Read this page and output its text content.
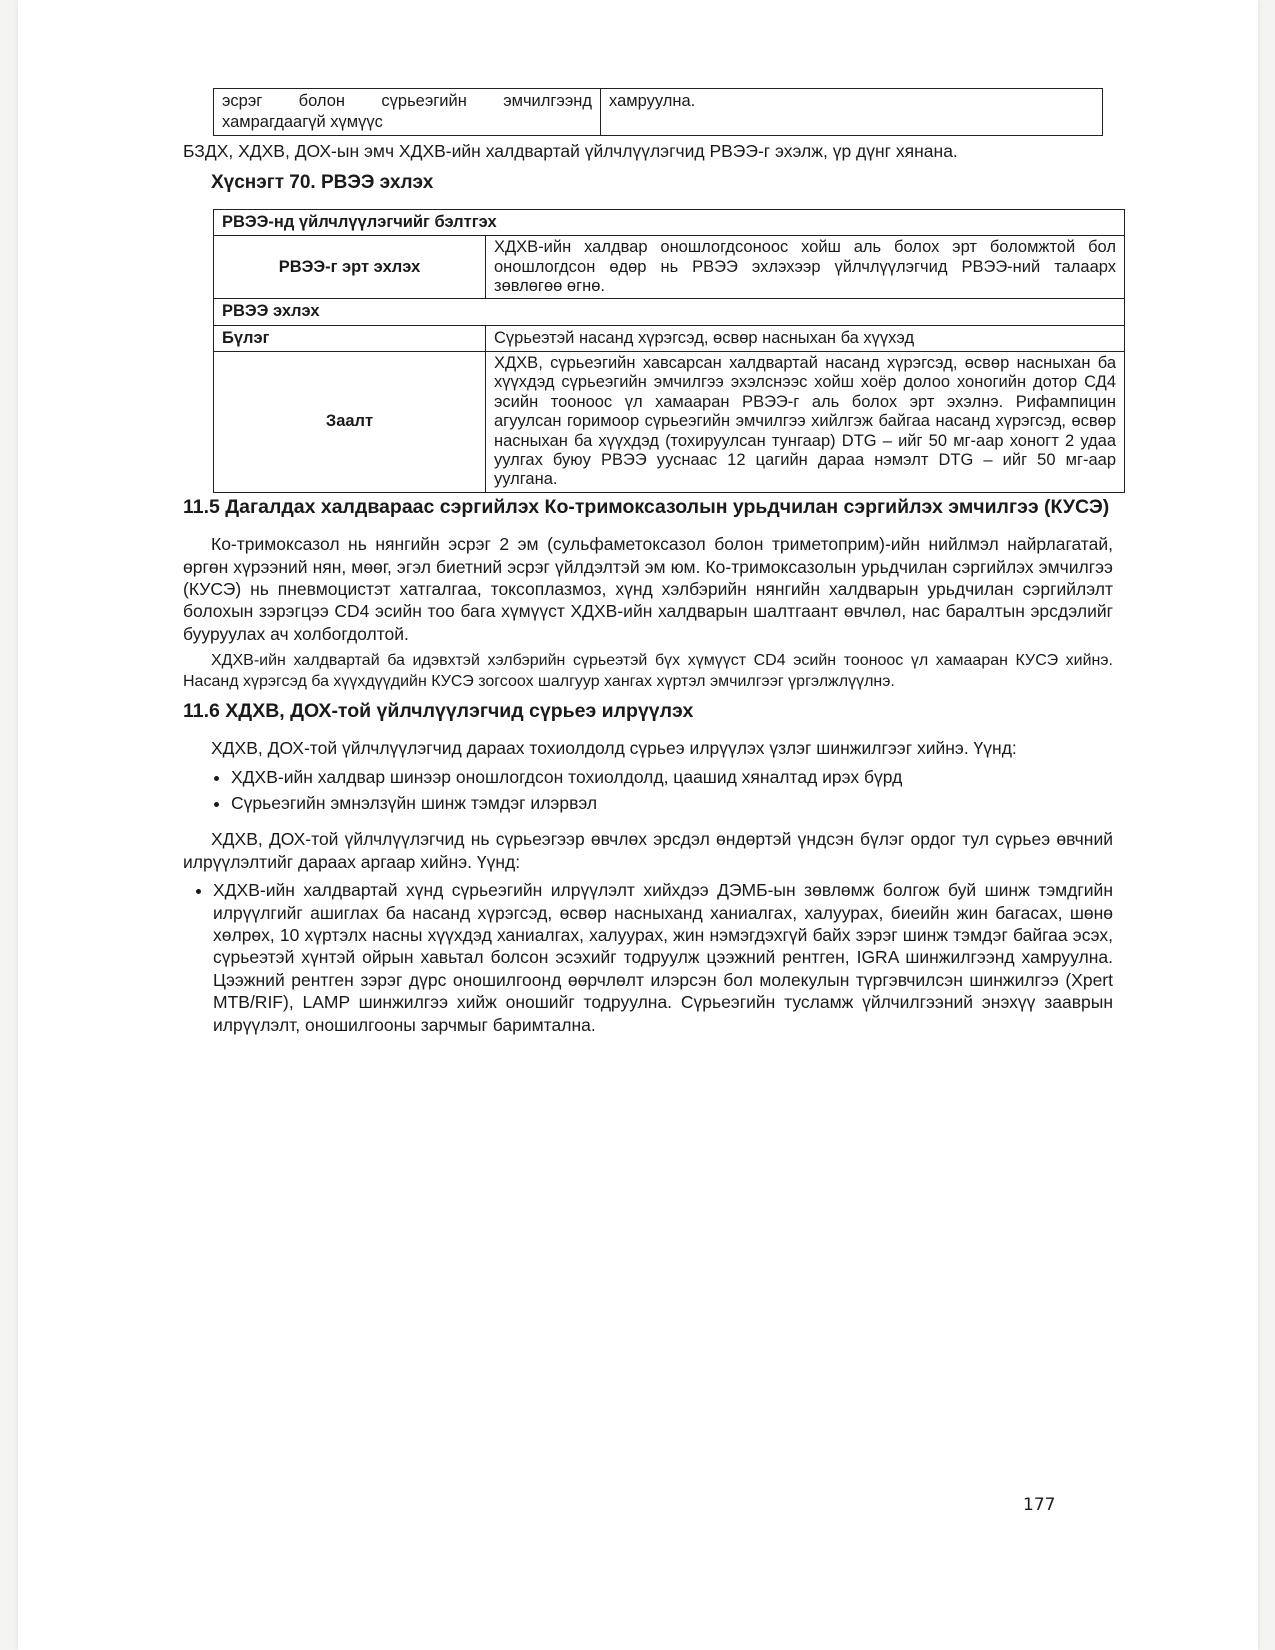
эсрэг болон сүрьеэгийн эмчилгээнд хамрагдаагүй хүмүүс	хамруулна.

БЗДХ, ХДХВ, ДОХ-ын эмч ХДХВ-ийн халдвартай үйлчлүүлэгчид РВЭЭ-г эхэлж, үр дүнг хянана.

Хүснэгт 70. РВЭЭ эхлэх
РВЭЭ-нд үйлчлүүлэгчийг бэлтгэх	
РВЭЭ-г эрт эхлэх	ХДХВ-ийн халдвар оношлогдсоноос хойш аль болох эрт боломжтой бол оношлогдсон өдөр нь РВЭЭ эхлэхээр үйлчлүүлэгчид РВЭЭ-ний талаарх зөвлөгөө өгнө.
РВЭЭ эхлэх	
Бүлэг	Сүрьеэтэй насанд хүрэгсэд, өсвөр насныхан ба хүүхэд
Заалт	ХДХВ, сүрьеэгийн хавсарсан халдвартай насанд хүрэгсэд, өсвөр насныхан ба хүүхдэд сүрьеэгийн эмчилгээ эхэлснээс хойш хоёр долоо хоногийн дотор СД4 эсийн тооноос үл хамааран РВЭЭ-г аль болох эрт эхэлнэ. Рифампицин агуулсан горимоор сүрьеэгийн эмчилгээ хийлгэж байгаа насанд хүрэгсэд, өсвөр насныхан ба хүүхдэд (тохируулсан тунгаар) DTG – ийг 50 мг-аар хоногт 2 удаа уулгах буюу РВЭЭ ууснаас 12 цагийн дараа нэмэлт DTG – ийг 50 мг-аар уулгана.
11.5 Дагалдах халдвараас сэргийлэх Ко-тримоксазолын урьдчилан сэргийлэх эмчилгээ (КУСЭ)

Ко-тримоксазол нь нянгийн эсрэг 2 эм (сульфаметоксазол болон триметоприм)-ийн нийлмэл найрлагатай, өргөн хүрээний нян, мөөг, эгэл биетний эсрэг үйлдэлтэй эм юм. Ко-тримоксазолын урьдчилан сэргийлэх эмчилгээ (КУСЭ) нь пневмоцистэт хатгалгаа, токсоплазмоз, хүнд хэлбэрийн нянгийн халдварын урьдчилан сэргийлэлт болохын зэрэгцээ CD4 эсийн тоо бага хүмүүст ХДХВ-ийн халдварын шалтгаант өвчлөл, нас баралтын эрсдэлийг бууруулах ач холбогдолтой.

ХДХВ-ийн халдвартай ба идэвхтэй хэлбэрийн сүрьеэтэй бүх хүмүүст CD4 эсийн тооноос үл хамааран КУСЭ хийнэ. Насанд хүрэгсэд ба хүүхдүүдийн КУСЭ зогсоох шалгуур хангах хүртэл эмчилгээг үргэлжлүүлнэ.

11.6 ХДХВ, ДОХ-той үйлчлүүлэгчид сүрьеэ илрүүлэх

ХДХВ, ДОХ-той үйлчлүүлэгчид дараах тохиолдолд сүрьеэ илрүүлэх үзлэг шинжилгээг хийнэ. Үүнд:

• ХДХВ-ийн халдвар шинээр оношлогдсон тохиолдолд, цаашид хяналтад ирэх бүрд
• Сүрьеэгийн эмнэлзүйн шинж тэмдэг илэрвэл

ХДХВ, ДОХ-той үйлчлүүлэгчид нь сүрьеэгээр өвчлөх эрсдэл өндөртэй үндсэн бүлэг ордог тул сүрьеэ өвчний илрүүлэлтийг дараах аргаар хийнэ. Үүнд:

• ХДХВ-ийн халдвартай хүнд сүрьеэгийн илрүүлэлт хийхдээ ДЭМБ-ын зөвлөмж болгож буй шинж тэмдгийн илрүүлгийг ашиглах ба насанд хүрэгсэд, өсвөр насныханд ханиалгах, халуурах, биеийн жин багасах, шөнө хөлрөх, 10 хүртэлх насны хүүхдэд ханиалгах, халуурах, жин нэмэгдэхгүй байх зэрэг шинж тэмдэг байгаа эсэх, сүрьеэтэй хүнтэй ойрын хавьтал болсон эсэхийг тодруулж цээжний рентген, IGRA шинжилгээнд хамруулна. Цээжний рентген зэрэг дүрс оношилгоонд өөрчлөлт илэрсэн бол молекулын түргэвчилсэн шинжилгээ (Xpert MTB/RIF), LAMP шинжилгээ хийж оношийг тодруулна. Сүрьеэгийн тусламж үйлчилгээний энэхүү зааврын илрүүлэлт, оношилгооны зарчмыг баримтална.
177
